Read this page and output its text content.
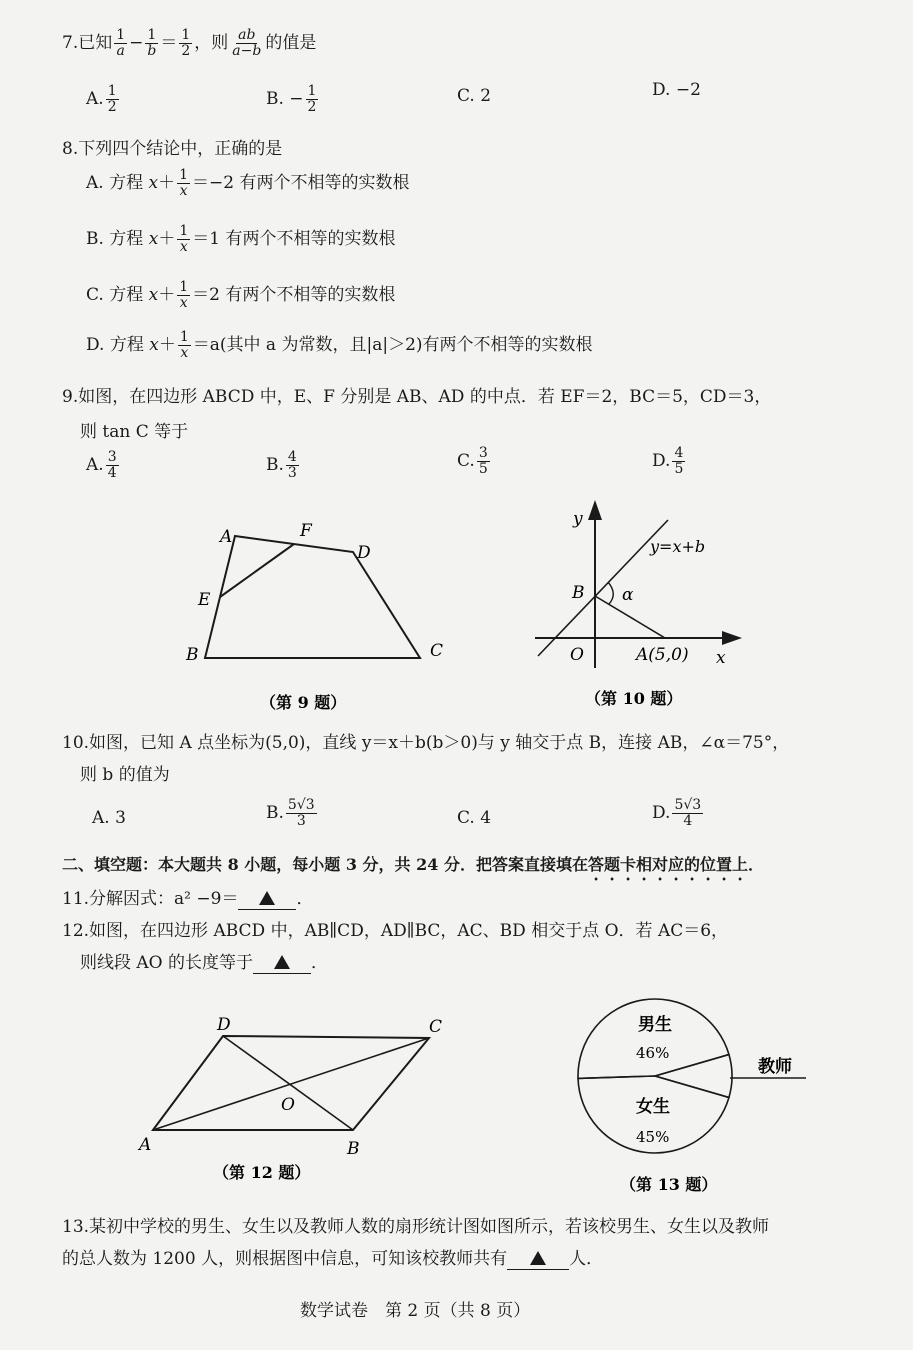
7.已知 $\frac{1}{a} - \frac{1}{b} = \frac{1}{2}$ ，则 $\frac{ab}{a-b}$ 的值是
A. $\frac{1}{2}$	B. − $\frac{1}{2}$	C. 2	D. −2
8.下列四个结论中，正确的是
A. 方程 $x+ \frac{1}{x} =-2$ 有两个不相等的实数根
B. 方程 $x+ \frac{1}{x} =1$ 有两个不相等的实数根
C. 方程 $x+ \frac{1}{x} =2$ 有两个不相等的实数根
D. 方程 $x+ \frac{1}{x} =a$(其中 a 为常数，且|a|＞2)有两个不相等的实数根
9.如图，在四边形 ABCD 中，E、F 分别是 AB、AD 的中点．若 EF＝2，BC＝5，CD＝3，
则 tan C 等于
A. $\frac{3}{4}$	B. $\frac{4}{3}$	C. $\frac{3}{5}$	D. $\frac{4}{5}$
A	F
D
E
B	C
（第 9 题）
y
x
O
B
A(5,0)
α
y=x+b
（第 10 题）
10.如图，已知 A 点坐标为(5,0)，直线 y＝x＋b(b＞0)与 y 轴交于点 B，连接 AB，∠α＝75°，
则 b 的值为
A. 3	B. $\frac{5√3}{3}$	C. 4	D. $\frac{5√3}{4}$
二、填空题：本大题共 8 小题，每小题 3 分，共 24 分．把答案直接填在答题卡相对应的位置上．
11.分解因式：a² −9＝	．
12.如图，在四边形 ABCD 中，AB∥CD，AD∥BC，AC、BD 相交于点 O．若 AC＝6，
则线段 AO 的长度等于	．
D	C
A	B
O
（第 12 题）
男生
46%
女生
45%
教师
（第 13 题）
13.某初中学校的男生、女生以及教师人数的扇形统计图如图所示，若该校男生、女生以及教师
的总人数为 1200 人，则根据图中信息，可知该校教师共有	人．
数学试卷　第 2 页（共 8 页）
